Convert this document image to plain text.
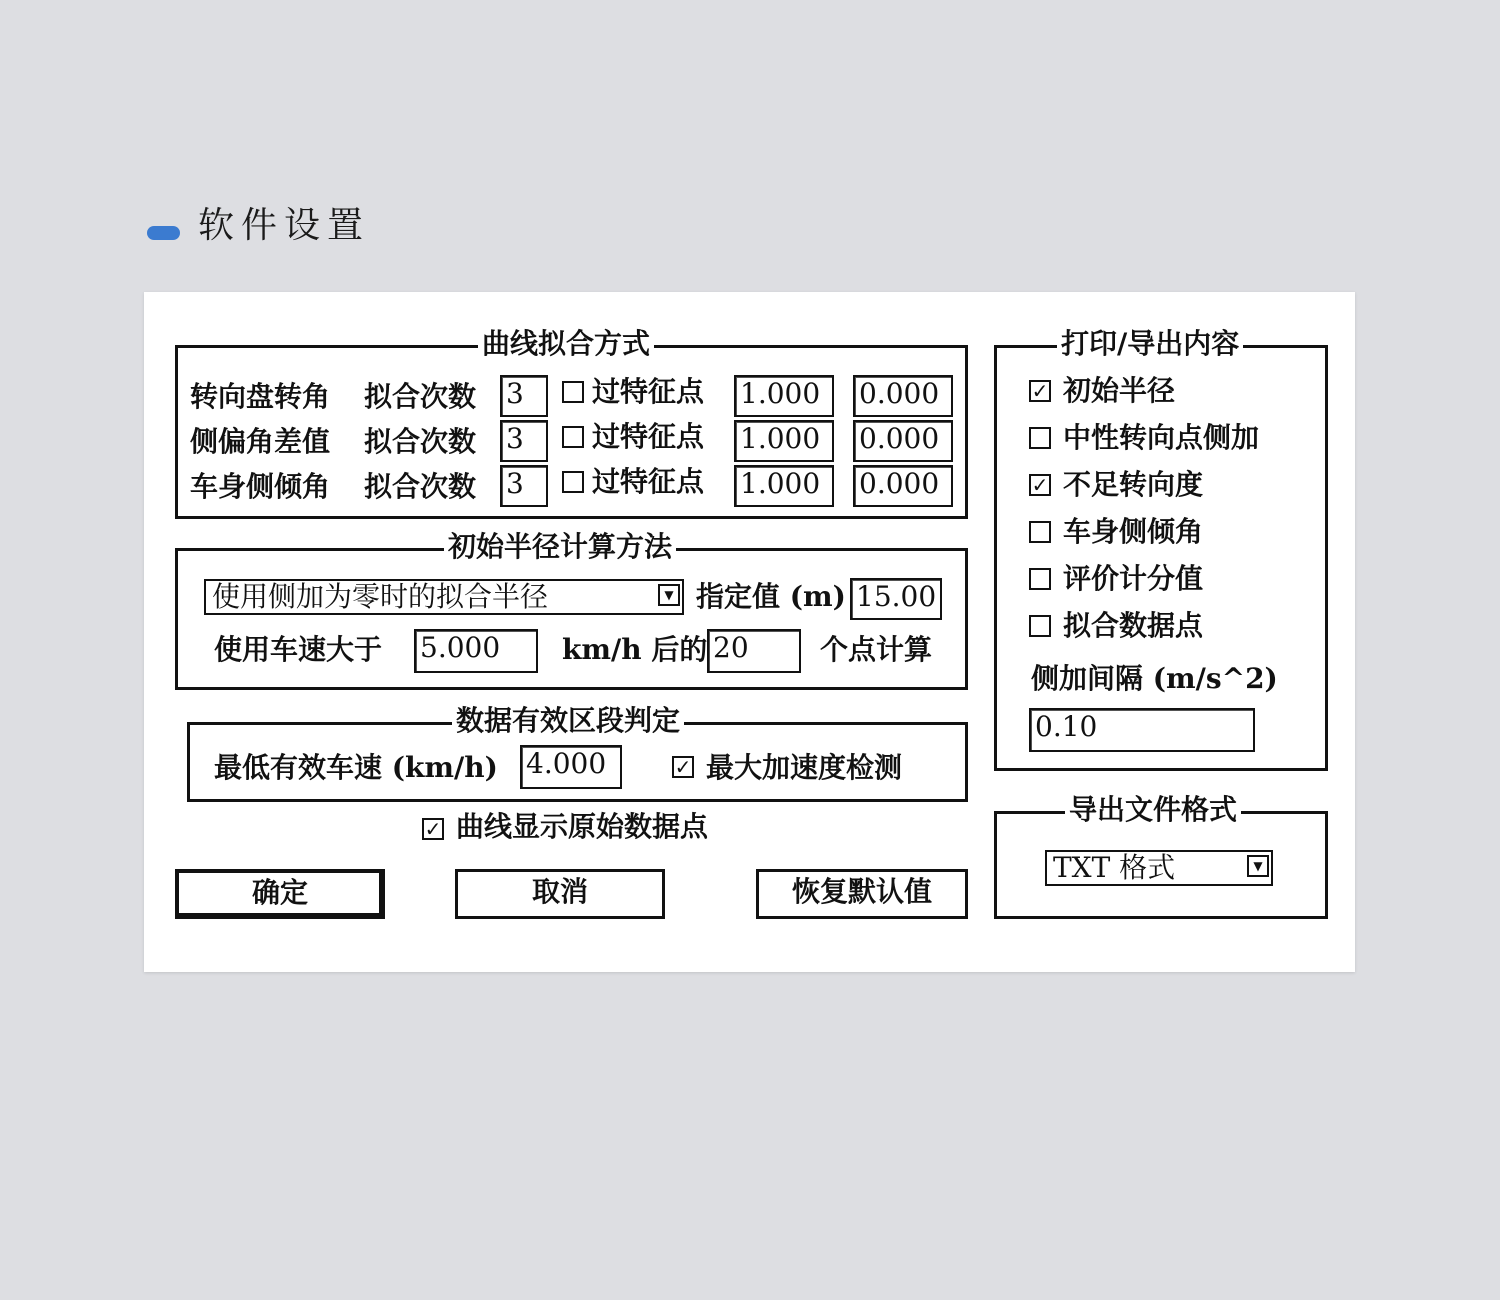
软件设置
曲线拟合方式
转向盘转角 拟合次数 3	过特征点 1.000	0.000
侧偏角差值 拟合次数 3	过特征点 1.000	0.000
车身侧倾角 拟合次数 3	过特征点 1.000	0.000
初始半径计算方法
使用侧加为零时的拟合半径	▼ 指定值 (m) 15.00
使用车速大于 5.000	km/h 后的 20	个点计算
数据有效区段判定
最低有效车速 (km/h) 4.000	✓ 最大加速度检测
✓ 曲线显示原始数据点
确定	取消	恢复默认值
打印/导出内容
✓ 初始半径
中性转向点侧加
✓ 不足转向度
车身侧倾角
评价计分值
拟合数据点
侧加间隔 (m/s^2)
0.10
导出文件格式
TXT 格式	▼
